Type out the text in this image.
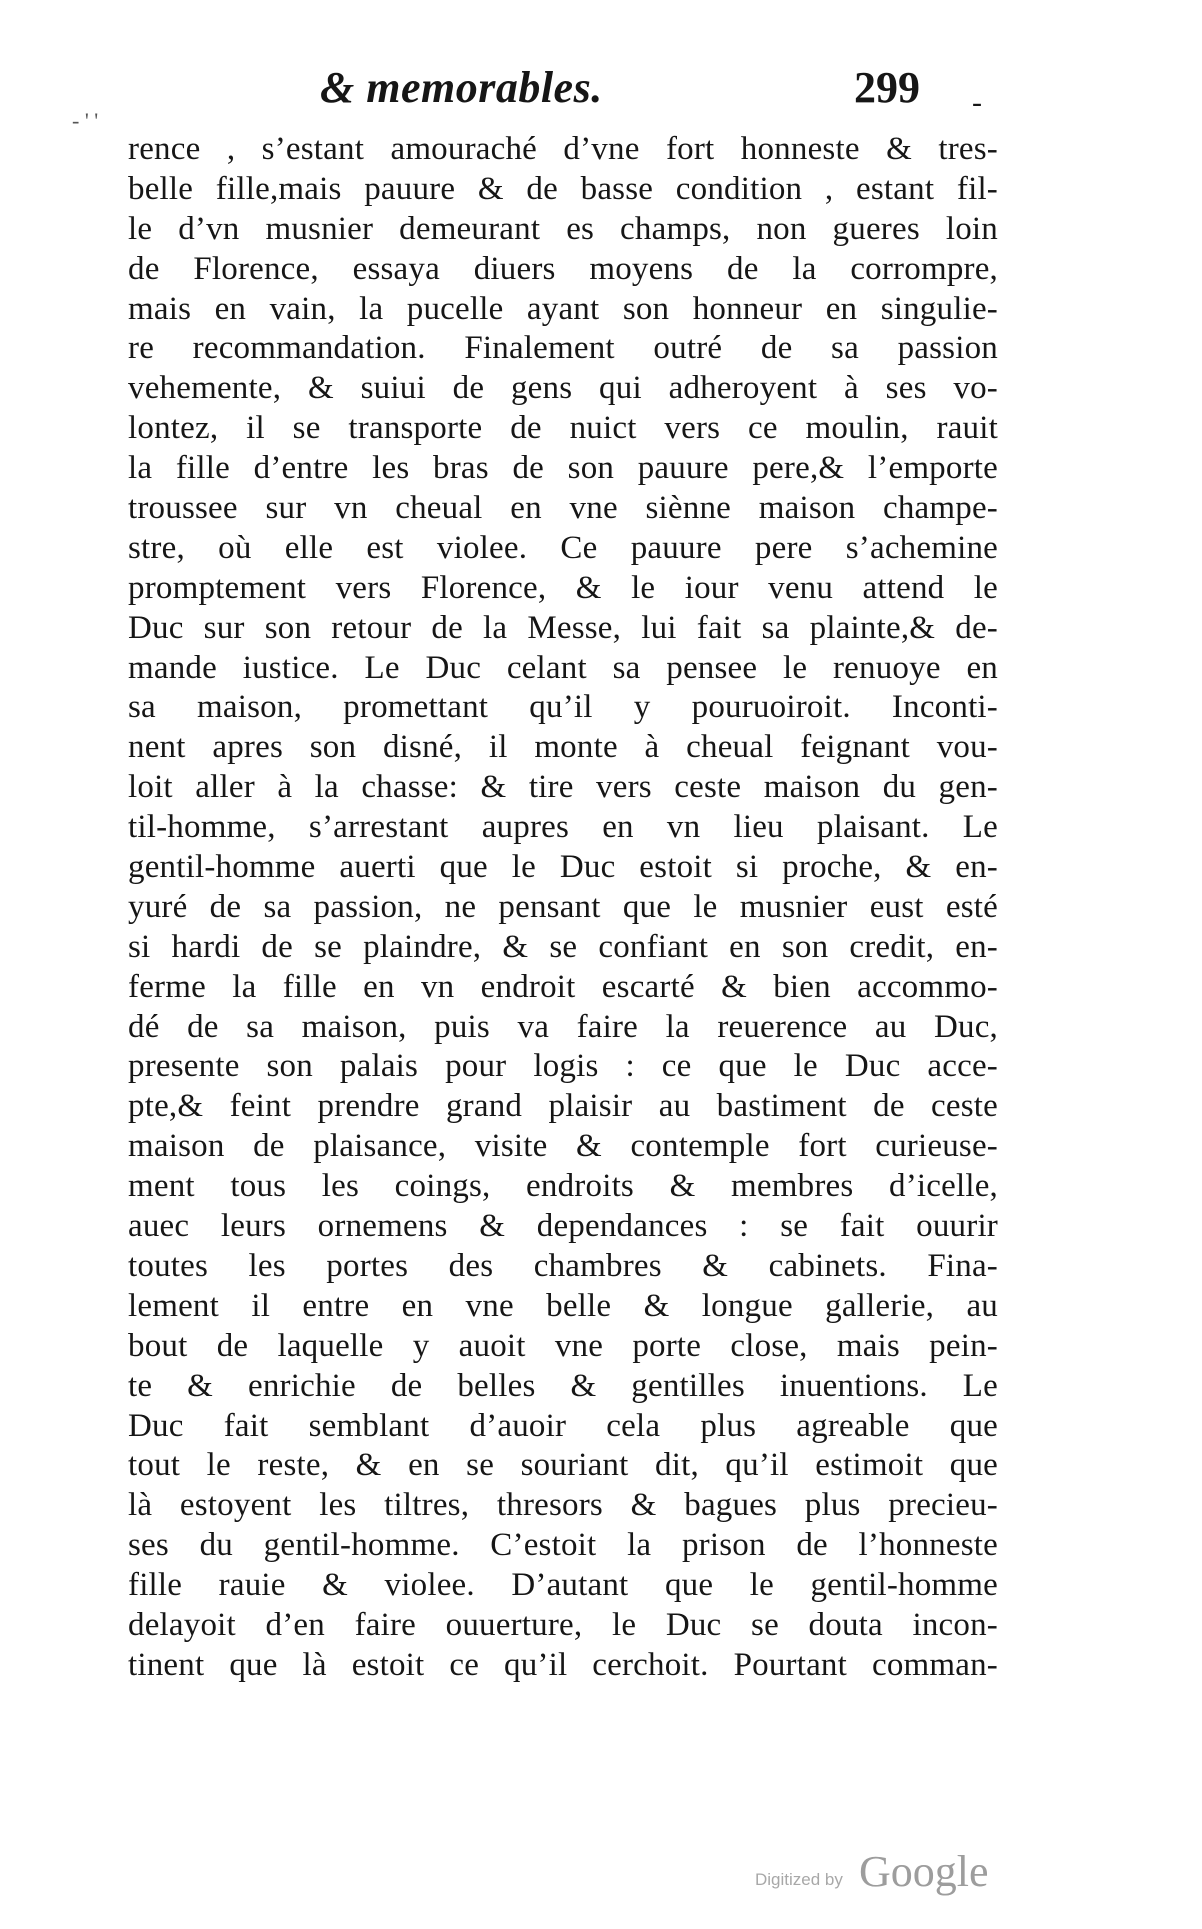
- ' '
& memorables.	299 -
rence , s’estant amouraché d’vne fort honneste & tres-
belle fille,mais pauure & de basse condition , estant fil-
le d’vn musnier demeurant es champs, non gueres loin
de Florence, essaya diuers moyens de la corrompre,
mais en vain, la pucelle ayant son honneur en singulie-
re recommandation. Finalement outré de sa passion
vehemente, & suiui de gens qui adheroyent à ses vo-
lontez, il se transporte de nuict vers ce moulin, rauit
la fille d’entre les bras de son pauure pere,& l’emporte
troussee sur vn cheual en vne siènne maison champe-
stre, où elle est violee. Ce pauure pere s’achemine
promptement vers Florence, & le iour venu attend le
Duc sur son retour de la Messe, lui fait sa plainte,& de-
mande iustice. Le Duc celant sa pensee le renuoye en
sa maison, promettant qu’il y pouruoiroit. Inconti-
nent apres son disné, il monte à cheual feignant vou-
loit aller à la chasse: & tire vers ceste maison du gen-
til-homme, s’arrestant aupres en vn lieu plaisant. Le
gentil-homme auerti que le Duc estoit si proche, & en-
yuré de sa passion, ne pensant que le musnier eust esté
si hardi de se plaindre, & se confiant en son credit, en-
ferme la fille en vn endroit escarté & bien accommo-
dé de sa maison, puis va faire la reuerence au Duc,
presente son palais pour logis : ce que le Duc acce-
pte,& feint prendre grand plaisir au bastiment de ceste
maison de plaisance, visite & contemple fort curieuse-
ment tous les coings, endroits & membres d’icelle,
auec leurs ornemens & dependances : se fait ouurir
toutes les portes des chambres & cabinets. Fina-
lement il entre en vne belle & longue gallerie, au
bout de laquelle y auoit vne porte close, mais pein-
te & enrichie de belles & gentilles inuentions. Le
Duc fait semblant d’auoir cela plus agreable que
tout le reste, & en se souriant dit, qu’il estimoit que
là estoyent les tiltres, thresors & bagues plus precieu-
ses du gentil-homme. C’estoit la prison de l’honneste
fille rauie & violee. D’autant que le gentil-homme
delayoit d’en faire ouuerture, le Duc se douta incon-
tinent que là estoit ce qu’il cerchoit. Pourtant comman-
Digitized by Google
